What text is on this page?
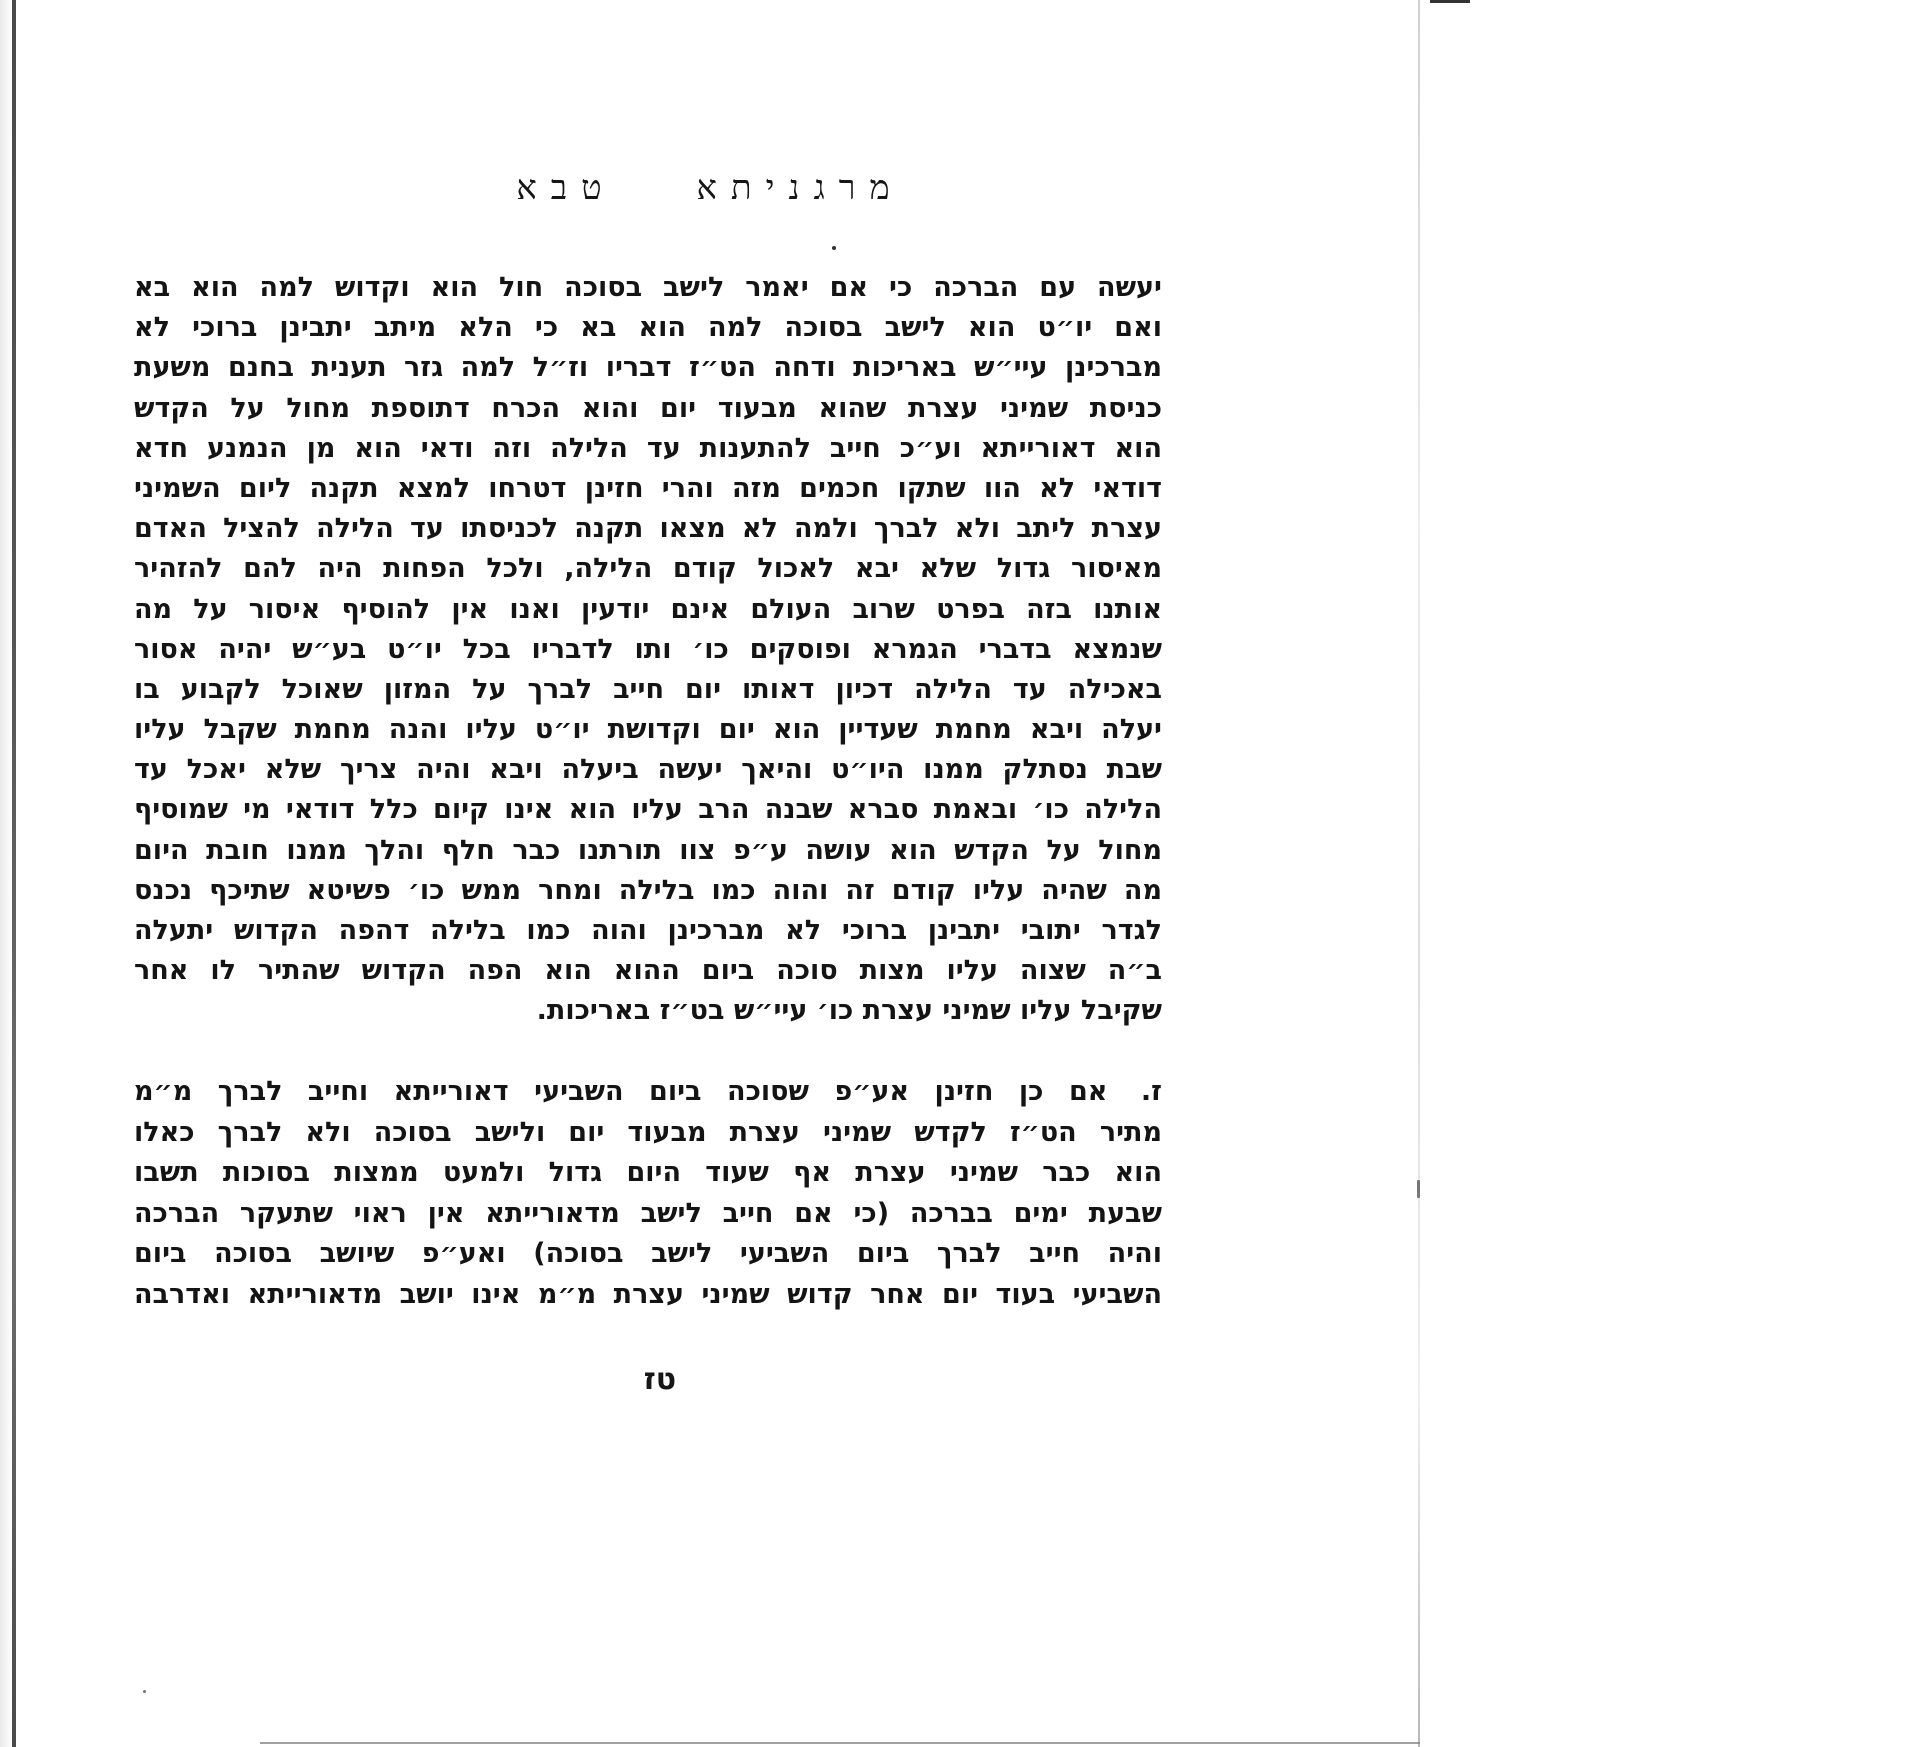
מרגניתא טבא
יעשה עם הברכה כי אם יאמר לישב בסוכה חול הוא וקדוש למה הוא בא
ואם יו״ט הוא לישב בסוכה למה הוא בא כי הלא מיתב יתבינן ברוכי לא
מברכינן עיי״ש באריכות ודחה הט״ז דבריו וז״ל למה גזר תענית בחנם משעת
כניסת שמיני עצרת שהוא מבעוד יום והוא הכרח דתוספת מחול על הקדש
הוא דאורייתא וע״כ חייב להתענות עד הלילה וזה ודאי הוא מן הנמנע חדא
דודאי לא הוו שתקו חכמים מזה והרי חזינן דטרחו למצא תקנה ליום השמיני
עצרת ליתב ולא לברך ולמה לא מצאו תקנה לכניסתו עד הלילה להציל האדם
מאיסור גדול שלא יבא לאכול קודם הלילה, ולכל הפחות היה להם להזהיר
אותנו בזה בפרט שרוב העולם אינם יודעין ואנו אין להוסיף איסור על מה
שנמצא בדברי הגמרא ופוסקים כו׳ ותו לדבריו בכל יו״ט בע״ש יהיה אסור
באכילה עד הלילה דכיון דאותו יום חייב לברך על המזון שאוכל לקבוע בו
יעלה ויבא מחמת שעדיין הוא יום וקדושת יו״ט עליו והנה מחמת שקבל עליו
שבת נסתלק ממנו היו״ט והיאך יעשה ביעלה ויבא והיה צריך שלא יאכל עד
הלילה כו׳ ובאמת סברא שבנה הרב עליו הוא אינו קיום כלל דודאי מי שמוסיף
מחול על הקדש הוא עושה ע״פ צוו תורתנו כבר חלף והלך ממנו חובת היום
מה שהיה עליו קודם זה והוה כמו בלילה ומחר ממש כו׳ פשיטא שתיכף נכנס
לגדר יתובי יתבינן ברוכי לא מברכינן והוה כמו בלילה דהפה הקדוש יתעלה
ב״ה שצוה עליו מצות סוכה ביום ההוא הוא הפה הקדוש שהתיר לו אחר
שקיבל עליו שמיני עצרת כו׳ עיי״ש בט״ז באריכות.
ז. אם כן חזינן אע״פ שסוכה ביום השביעי דאורייתא וחייב לברך מ״מ
מתיר הט״ז לקדש שמיני עצרת מבעוד יום ולישב בסוכה ולא לברך כאלו
הוא כבר שמיני עצרת אף שעוד היום גדול ולמעט ממצות בסוכות תשבו
שבעת ימים בברכה (כי אם חייב לישב מדאורייתא אין ראוי שתעקר הברכה
והיה חייב לברך ביום השביעי לישב בסוכה) ואע״פ שיושב בסוכה ביום
השביעי בעוד יום אחר קדוש שמיני עצרת מ״מ אינו יושב מדאורייתא ואדרבה
טז
